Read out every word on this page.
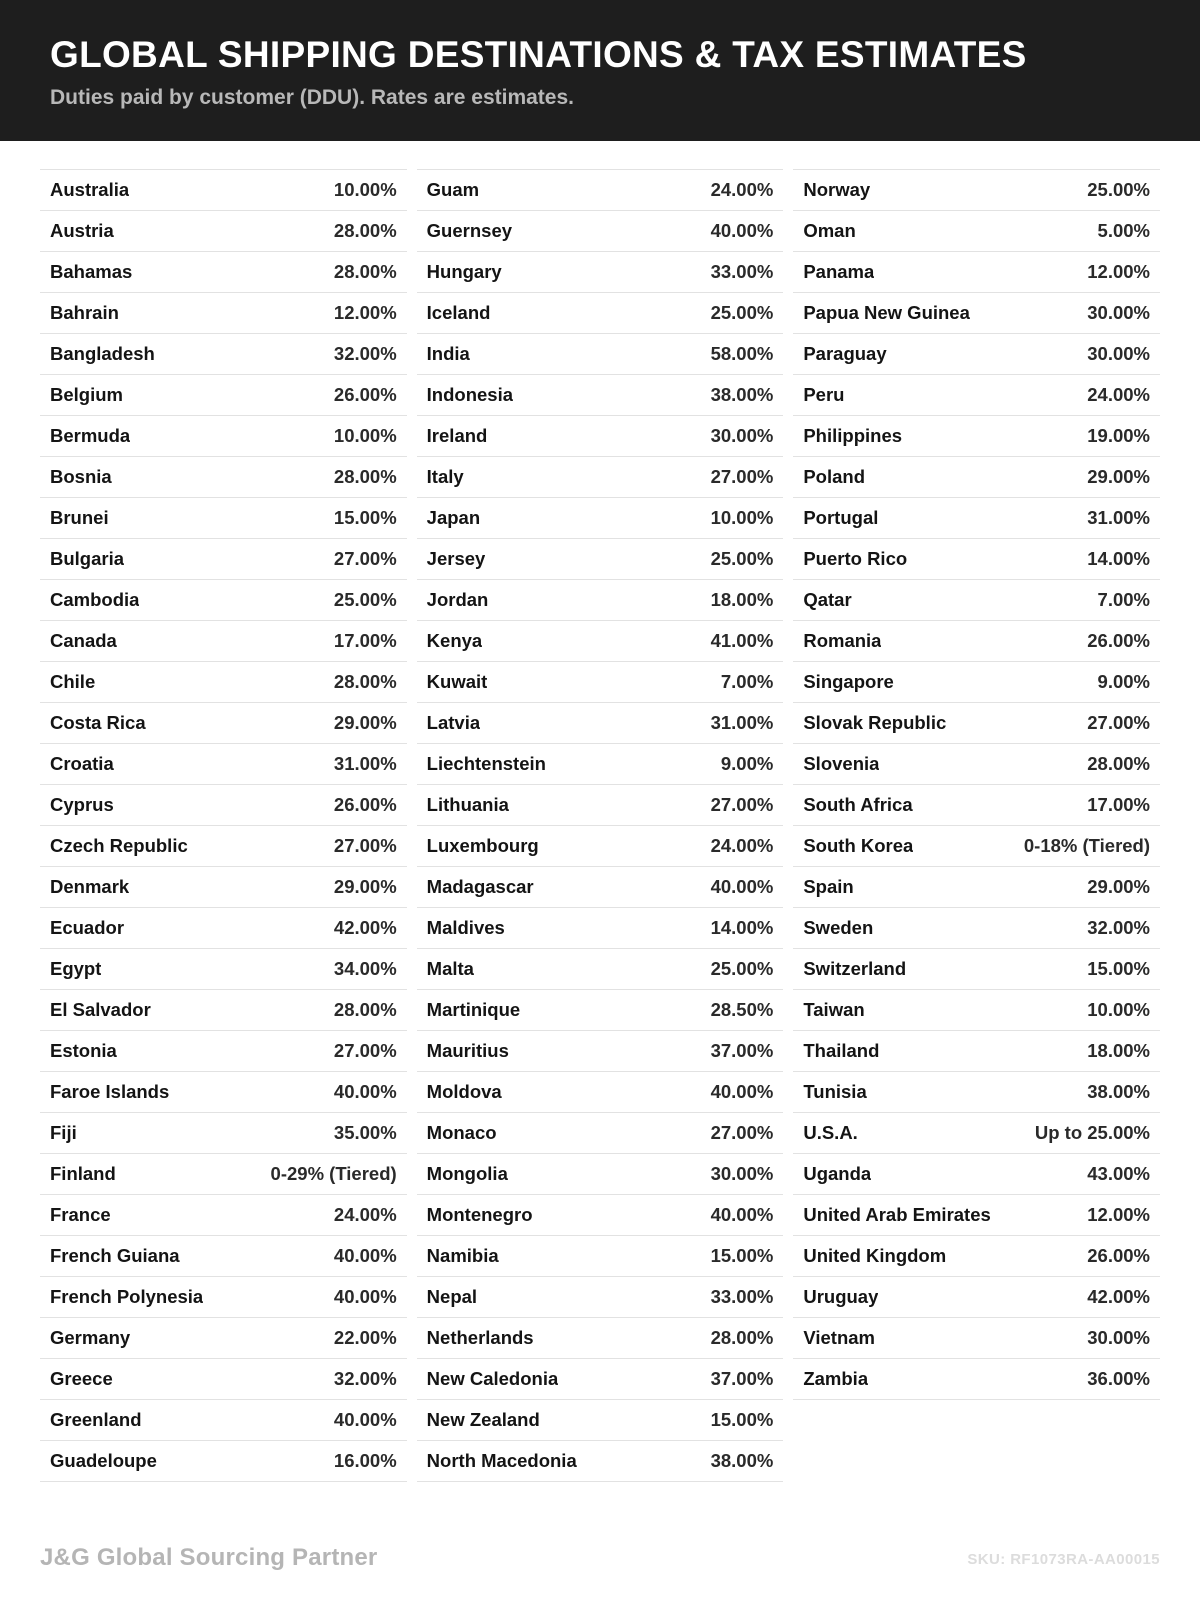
GLOBAL SHIPPING DESTINATIONS & TAX ESTIMATES

Duties paid by customer (DDU). Rates are estimates.

Australia	10.00%
Austria	28.00%
Bahamas	28.00%
Bahrain	12.00%
Bangladesh	32.00%
Belgium	26.00%
Bermuda	10.00%
Bosnia	28.00%
Brunei	15.00%
Bulgaria	27.00%
Cambodia	25.00%
Canada	17.00%
Chile	28.00%
Costa Rica	29.00%
Croatia	31.00%
Cyprus	26.00%
Czech Republic	27.00%
Denmark	29.00%
Ecuador	42.00%
Egypt	34.00%
El Salvador	28.00%
Estonia	27.00%
Faroe Islands	40.00%
Fiji	35.00%
Finland	0-29% (Tiered)
France	24.00%
French Guiana	40.00%
French Polynesia	40.00%
Germany	22.00%
Greece	32.00%
Greenland	40.00%
Guadeloupe	16.00%
Guam	24.00%
Guernsey	40.00%
Hungary	33.00%
Iceland	25.00%
India	58.00%
Indonesia	38.00%
Ireland	30.00%
Italy	27.00%
Japan	10.00%
Jersey	25.00%
Jordan	18.00%
Kenya	41.00%
Kuwait	7.00%
Latvia	31.00%
Liechtenstein	9.00%
Lithuania	27.00%
Luxembourg	24.00%
Madagascar	40.00%
Maldives	14.00%
Malta	25.00%
Martinique	28.50%
Mauritius	37.00%
Moldova	40.00%
Monaco	27.00%
Mongolia	30.00%
Montenegro	40.00%
Namibia	15.00%
Nepal	33.00%
Netherlands	28.00%
New Caledonia	37.00%
New Zealand	15.00%
North Macedonia	38.00%
Norway	25.00%
Oman	5.00%
Panama	12.00%
Papua New Guinea	30.00%
Paraguay	30.00%
Peru	24.00%
Philippines	19.00%
Poland	29.00%
Portugal	31.00%
Puerto Rico	14.00%
Qatar	7.00%
Romania	26.00%
Singapore	9.00%
Slovak Republic	27.00%
Slovenia	28.00%
South Africa	17.00%
South Korea	0-18% (Tiered)
Spain	29.00%
Sweden	32.00%
Switzerland	15.00%
Taiwan	10.00%
Thailand	18.00%
Tunisia	38.00%
U.S.A.	Up to 25.00%
Uganda	43.00%
United Arab Emirates	12.00%
United Kingdom	26.00%
Uruguay	42.00%
Vietnam	30.00%
Zambia	36.00%
J&G Global Sourcing Partner	SKU: RF1073RA-AA00015
